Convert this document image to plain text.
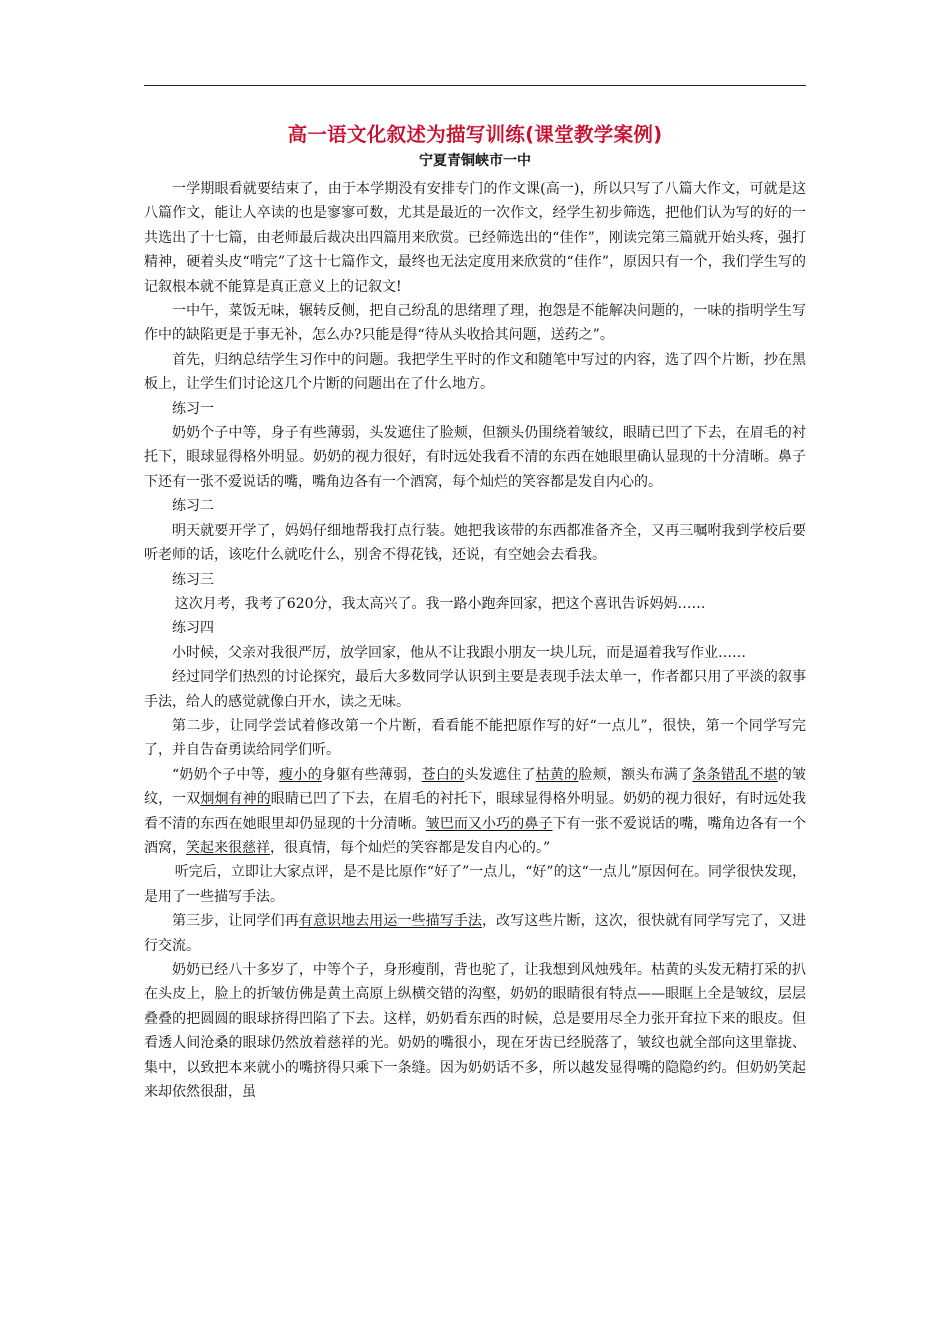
高一语文化叙述为描写训练(课堂教学案例)
宁夏青铜峡市一中

一学期眼看就要结束了，由于本学期没有安排专门的作文课(高一)，所以只写了八篇大作文，可就是这八篇作文，能让人卒读的也是寥寥可数，尤其是最近的一次作文，经学生初步筛选，把他们认为写的好的一共选出了十七篇，由老师最后裁决出四篇用来欣赏。已经筛选出的“佳作”，刚读完第三篇就开始头疼，强打精神，硬着头皮“啃完”了这十七篇作文，最终也无法定度用来欣赏的“佳作”，原因只有一个，我们学生写的记叙根本就不能算是真正意义上的记叙文!

一中午，菜饭无味，辗转反侧，把自己纷乱的思绪理了理，抱怨是不能解决问题的，一味的指明学生写作中的缺陷更是于事无补，怎么办?只能是得“待从头收拾其问题，送药之”。

首先，归纳总结学生习作中的问题。我把学生平时的作文和随笔中写过的内容，选了四个片断，抄在黑板上，让学生们讨论这几个片断的问题出在了什么地方。

练习一

奶奶个子中等，身子有些薄弱，头发遮住了脸颊，但额头仍围绕着皱纹，眼睛已凹了下去，在眉毛的衬托下，眼球显得格外明显。奶奶的视力很好，有时远处我看不清的东西在她眼里确认显现的十分清晰。鼻子下还有一张不爱说话的嘴，嘴角边各有一个酒窝，每个灿烂的笑容都是发自内心的。

练习二

明天就要开学了，妈妈仔细地帮我打点行装。她把我该带的东西都准备齐全，又再三嘱咐我到学校后要听老师的话，该吃什么就吃什么，别舍不得花钱，还说，有空她会去看我。

练习三

这次月考，我考了620分，我太高兴了。我一路小跑奔回家，把这个喜讯告诉妈妈……

练习四

小时候，父亲对我很严厉，放学回家，他从不让我跟小朋友一块儿玩，而是逼着我写作业……

经过同学们热烈的讨论探究，最后大多数同学认识到主要是表现手法太单一，作者都只用了平淡的叙事手法，给人的感觉就像白开水，读之无味。

第二步，让同学尝试着修改第一个片断，看看能不能把原作写的好“一点儿”，很快，第一个同学写完了，并自告奋勇读给同学们听。

“奶奶个子中等，瘦小的身躯有些薄弱，苍白的头发遮住了枯黄的脸颊，额头布满了条条错乱不堪的皱纹，一双炯炯有神的眼睛已凹了下去，在眉毛的衬托下，眼球显得格外明显。奶奶的视力很好，有时远处我看不清的东西在她眼里却仍显现的十分清晰。皱巴而又小巧的鼻子下有一张不爱说话的嘴，嘴角边各有一个酒窝，笑起来很慈祥，很真情，每个灿烂的笑容都是发自内心的。”

听完后，立即让大家点评，是不是比原作“好了”一点儿，“好”的这“一点儿”原因何在。同学很快发现，是用了一些描写手法。

第三步，让同学们再有意识地去用运一些描写手法，改写这些片断，这次，很快就有同学写完了，又进行交流。

奶奶已经八十多岁了，中等个子，身形瘦削，背也驼了，让我想到风烛残年。枯黄的头发无精打采的扒在头皮上，脸上的折皱仿佛是黄土高原上纵横交错的沟壑，奶奶的眼睛很有特点——眼眶上全是皱纹，层层叠叠的把圆圆的眼球挤得凹陷了下去。这样，奶奶看东西的时候，总是要用尽全力张开耷拉下来的眼皮。但看透人间沧桑的眼球仍然放着慈祥的光。奶奶的嘴很小，现在牙齿已经脱落了，皱纹也就全部向这里靠拢、集中，以致把本来就小的嘴挤得只乘下一条缝。因为奶奶话不多，所以越发显得嘴的隐隐约约。但奶奶笑起来却依然很甜，虽
